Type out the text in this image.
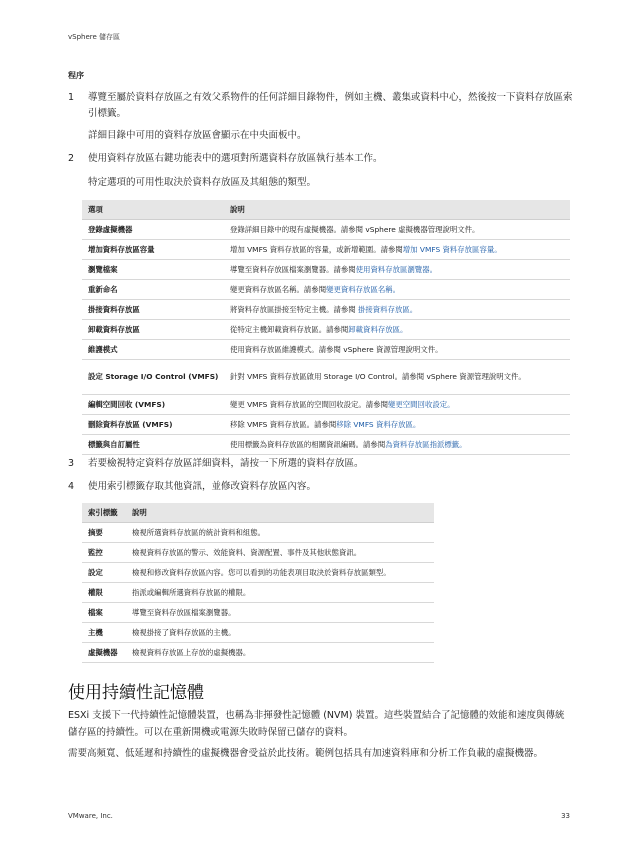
vSphere 儲存區
程序
1	導覽至屬於資料存放區之有效父系物件的任何詳細目錄物件，例如主機、叢集或資料中心，然後按一下資料存放區索引標籤。
詳細目錄中可用的資料存放區會顯示在中央面板中。
2	使用資料存放區右鍵功能表中的選項對所選資料存放區執行基本工作。
特定選項的可用性取決於資料存放區及其組態的類型。
選項	說明
登錄虛擬機器	登錄詳細目錄中的現有虛擬機器。請參閱 vSphere 虛擬機器管理說明文件。
增加資料存放區容量	增加 VMFS 資料存放區的容量，或新增範圍。請參閱增加 VMFS 資料存放區容量。
瀏覽檔案	導覽至資料存放區檔案瀏覽器。請參閱使用資料存放區瀏覽器。
重新命名	變更資料存放區名稱。請參閱變更資料存放區名稱。
掛接資料存放區	將資料存放區掛接至特定主機。請參閱 掛接資料存放區。
卸載資料存放區	從特定主機卸載資料存放區。請參閱卸載資料存放區。
維護模式	使用資料存放區維護模式。請參閱 vSphere 資源管理說明文件。
設定 Storage I/O Control (VMFS)	針對 VMFS 資料存放區啟用 Storage I/O Control。請參閱 vSphere 資源管理說明文件。
編輯空間回收 (VMFS)	變更 VMFS 資料存放區的空間回收設定。請參閱變更空間回收設定。
刪除資料存放區 (VMFS)	移除 VMFS 資料存放區。請參閱移除 VMFS 資料存放區。
標籤與自訂屬性	使用標籤為資料存放區的相關資訊編碼。請參閱為資料存放區指派標籤。
3	若要檢視特定資料存放區詳細資料，請按一下所選的資料存放區。
4	使用索引標籤存取其他資訊，並修改資料存放區內容。
索引標籤	說明
摘要	檢視所選資料存放區的統計資料和組態。
監控	檢視資料存放區的警示、效能資料、資源配置、事件及其他狀態資訊。
設定	檢視和修改資料存放區內容。您可以看到的功能表項目取決於資料存放區類型。
權限	指派或編輯所選資料存放區的權限。
檔案	導覽至資料存放區檔案瀏覽器。
主機	檢視掛接了資料存放區的主機。
虛擬機器	檢視資料存放區上存放的虛擬機器。
使用持續性記憶體
ESXi 支援下一代持續性記憶體裝置，也稱為非揮發性記憶體 (NVM) 裝置。這些裝置結合了記憶體的效能和速度與傳統儲存區的持續性。可以在重新開機或電源失敗時保留已儲存的資料。
需要高頻寬、低延遲和持續性的虛擬機器會受益於此技術。範例包括具有加速資料庫和分析工作負載的虛擬機器。
VMware, Inc.	33
